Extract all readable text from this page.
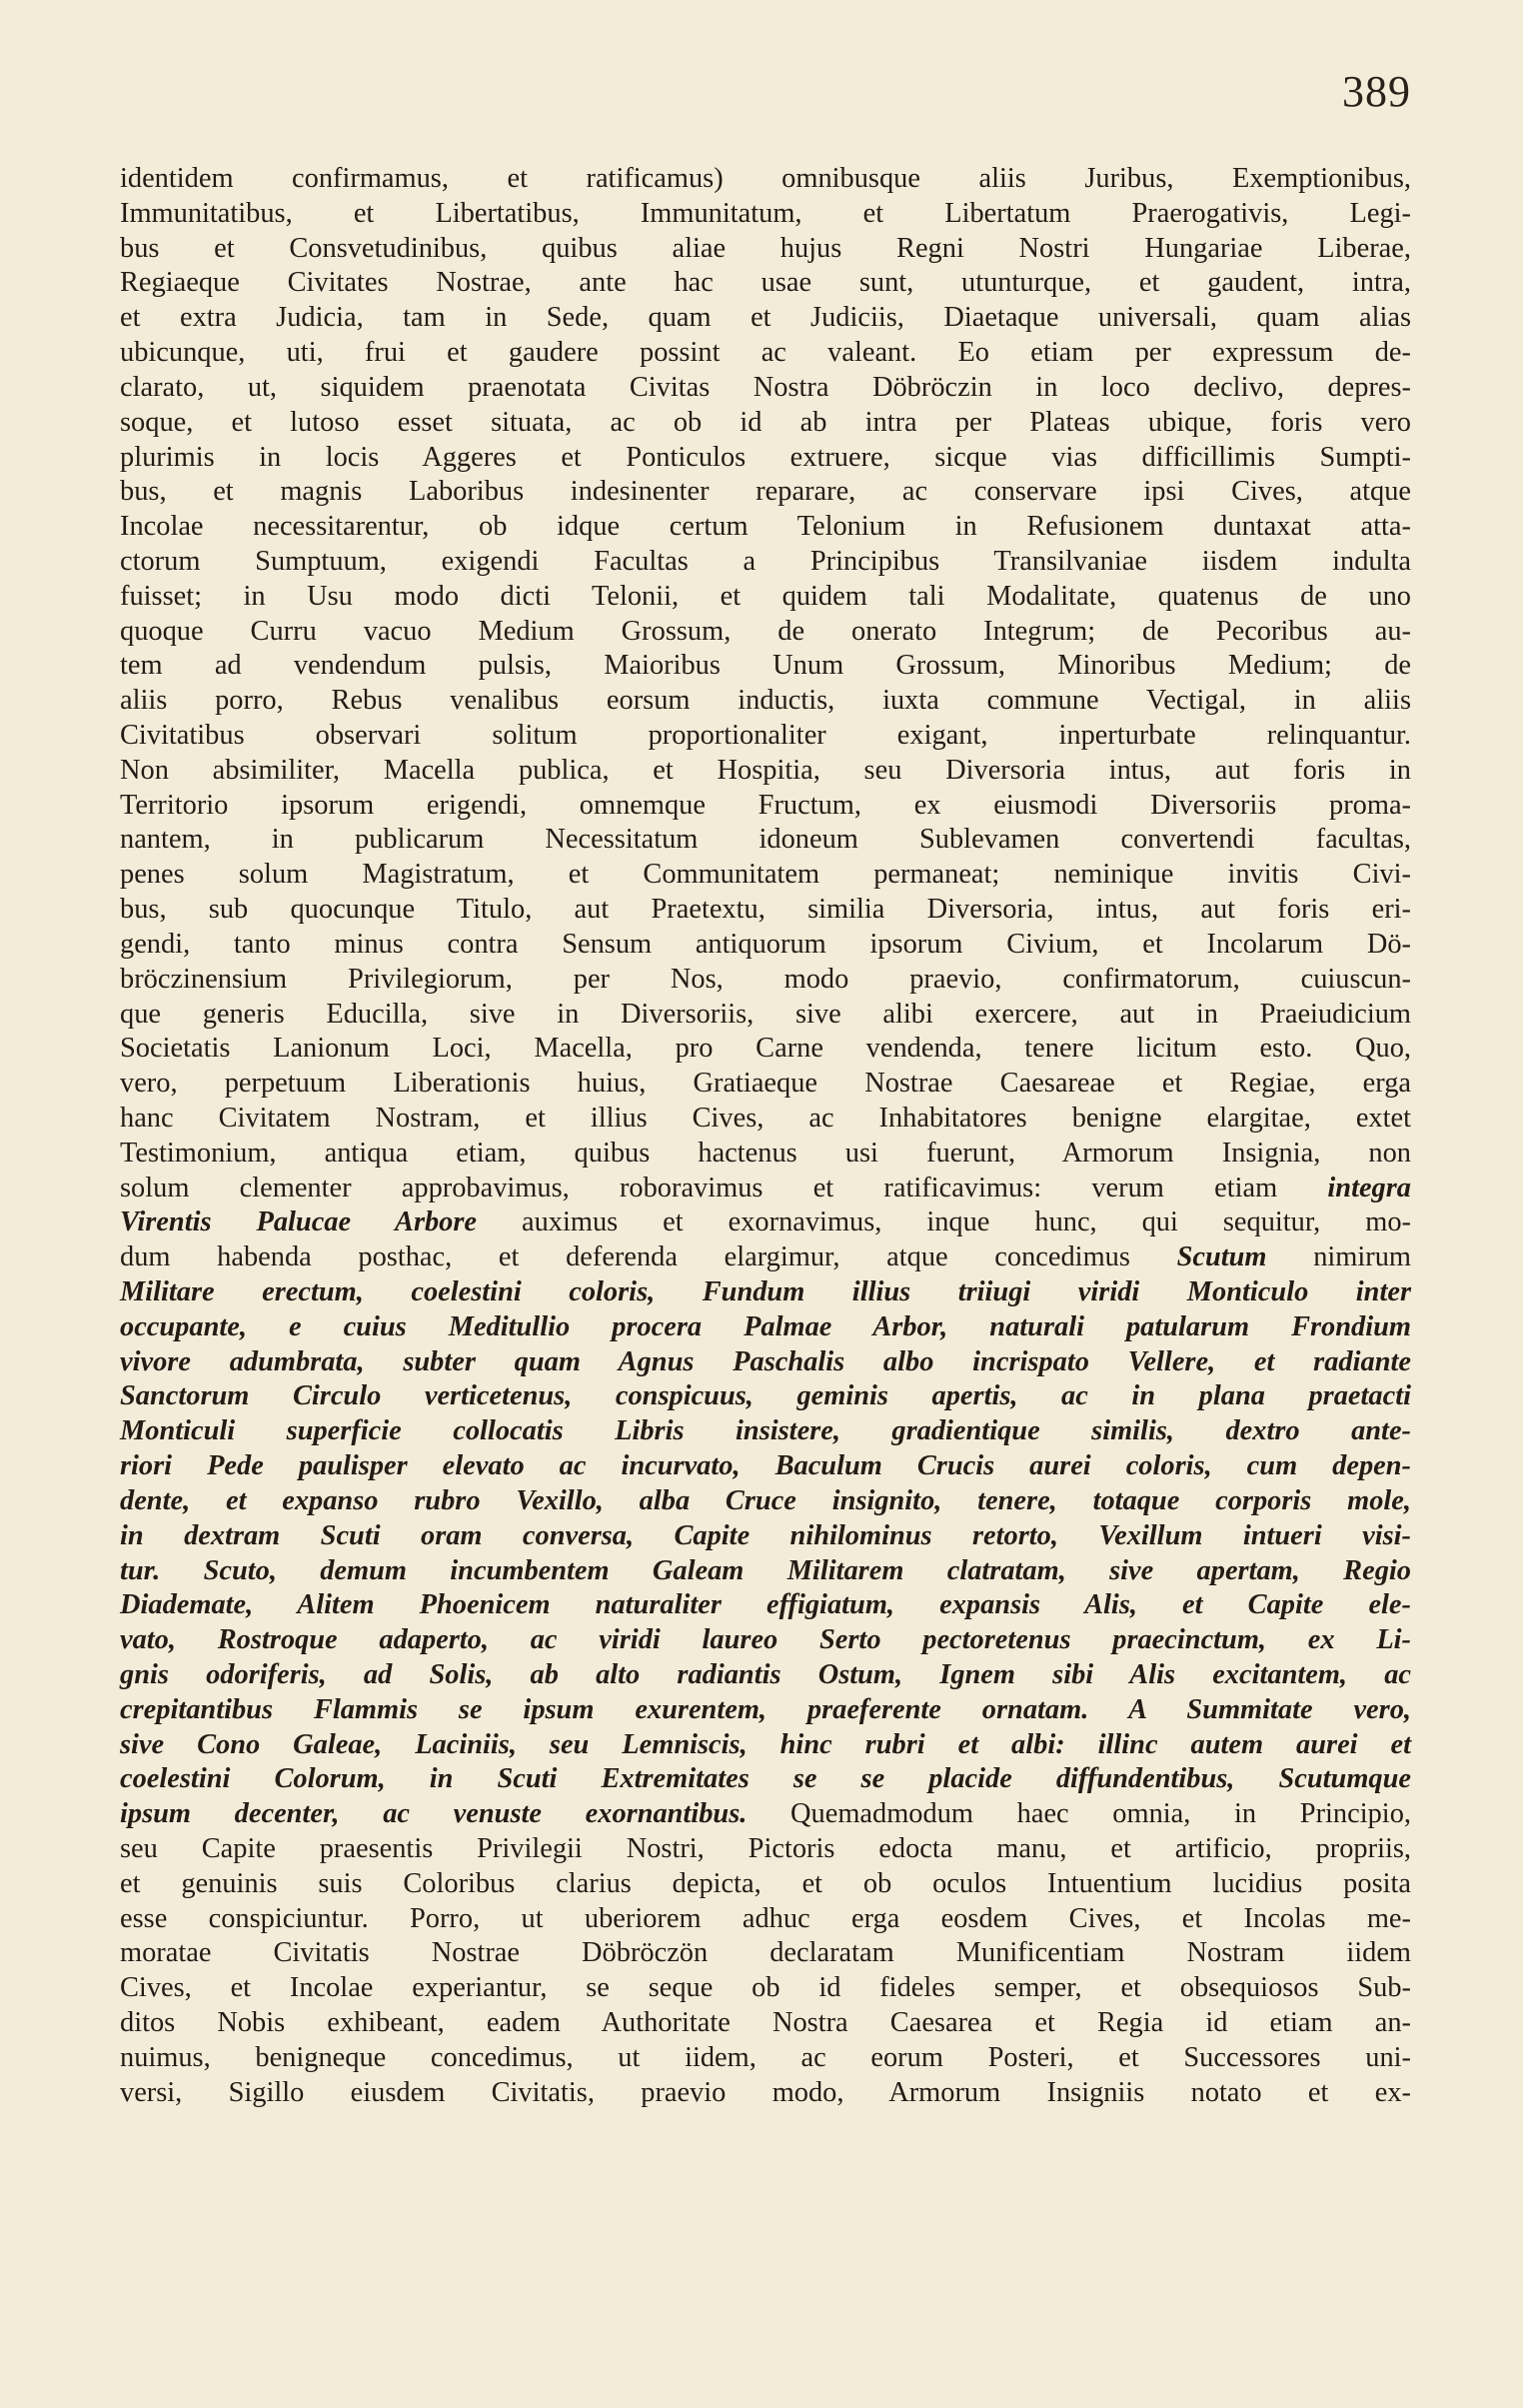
389
identidem confirmamus, et ratificamus) omnibusque aliis Juribus, Exemptionibus,
Immunitatibus, et Libertatibus, Immunitatum, et Libertatum Praerogativis, Legi-
bus et Consvetudinibus, quibus aliae hujus Regni Nostri Hungariae Liberae,
Regiaeque Civitates Nostrae, ante hac usae sunt, utunturque, et gaudent, intra,
et extra Judicia, tam in Sede, quam et Judiciis, Diaetaque universali, quam alias
ubicunque, uti, frui et gaudere possint ac valeant. Eo etiam per expressum de-
clarato, ut, siquidem praenotata Civitas Nostra Döbröczin in loco declivo, depres-
soque, et lutoso esset situata, ac ob id ab intra per Plateas ubique, foris vero
plurimis in locis Aggeres et Ponticulos extruere, sicque vias difficillimis Sumpti-
bus, et magnis Laboribus indesinenter reparare, ac conservare ipsi Cives, atque
Incolae necessitarentur, ob idque certum Telonium in Refusionem duntaxat atta-
ctorum Sumptuum, exigendi Facultas a Principibus Transilvaniae iisdem indulta
fuisset; in Usu modo dicti Telonii, et quidem tali Modalitate, quatenus de uno
quoque Curru vacuo Medium Grossum, de onerato Integrum; de Pecoribus au-
tem ad vendendum pulsis, Maioribus Unum Grossum, Minoribus Medium; de
aliis porro, Rebus venalibus eorsum inductis, iuxta commune Vectigal, in aliis
Civitatibus observari solitum proportionaliter exigant, inperturbate relinquantur.
Non absimiliter, Macella publica, et Hospitia, seu Diversoria intus, aut foris in
Territorio ipsorum erigendi, omnemque Fructum, ex eiusmodi Diversoriis proma-
nantem, in publicarum Necessitatum idoneum Sublevamen convertendi facultas,
penes solum Magistratum, et Communitatem permaneat; neminique invitis Civi-
bus, sub quocunque Titulo, aut Praetextu, similia Diversoria, intus, aut foris eri-
gendi, tanto minus contra Sensum antiquorum ipsorum Civium, et Incolarum Dö-
bröczinensium Privilegiorum, per Nos, modo praevio, confirmatorum, cuiuscun-
que generis Educilla, sive in Diversoriis, sive alibi exercere, aut in Praeiudicium
Societatis Lanionum Loci, Macella, pro Carne vendenda, tenere licitum esto. Quo,
vero, perpetuum Liberationis huius, Gratiaeque Nostrae Caesareae et Regiae, erga
hanc Civitatem Nostram, et illius Cives, ac Inhabitatores benigne elargitae, extet
Testimonium, antiqua etiam, quibus hactenus usi fuerunt, Armorum Insignia, non
solum clementer approbavimus, roboravimus et ratificavimus: verum etiam integra
Virentis Palucae Arbore auximus et exornavimus, inque hunc, qui sequitur, mo-
dum habenda posthac, et deferenda elargimur, atque concedimus Scutum nimirum
Militare erectum, coelestini coloris, Fundum illius triiugi viridi Monticulo inter
occupante, e cuius Meditullio procera Palmae Arbor, naturali patularum Frondium
vivore adumbrata, subter quam Agnus Paschalis albo incrispato Vellere, et radiante
Sanctorum Circulo verticetenus, conspicuus, geminis apertis, ac in plana praetacti
Monticuli superficie collocatis Libris insistere, gradientique similis, dextro ante-
riori Pede paulisper elevato ac incurvato, Baculum Crucis aurei coloris, cum depen-
dente, et expanso rubro Vexillo, alba Cruce insignito, tenere, totaque corporis mole,
in dextram Scuti oram conversa, Capite nihilominus retorto, Vexillum intueri visi-
tur. Scuto, demum incumbentem Galeam Militarem clatratam, sive apertam, Regio
Diademate, Alitem Phoenicem naturaliter effigiatum, expansis Alis, et Capite ele-
vato, Rostroque adaperto, ac viridi laureo Serto pectoretenus praecinctum, ex Li-
gnis odoriferis, ad Solis, ab alto radiantis Ostum, Ignem sibi Alis excitantem, ac
crepitantibus Flammis se ipsum exurentem, praeferente ornatam. A Summitate vero,
sive Cono Galeae, Laciniis, seu Lemniscis, hinc rubri et albi: illinc autem aurei et
coelestini Colorum, in Scuti Extremitates se se placide diffundentibus, Scutumque
ipsum decenter, ac venuste exornantibus. Quemadmodum haec omnia, in Principio,
seu Capite praesentis Privilegii Nostri, Pictoris edocta manu, et artificio, propriis,
et genuinis suis Coloribus clarius depicta, et ob oculos Intuentium lucidius posita
esse conspiciuntur. Porro, ut uberiorem adhuc erga eosdem Cives, et Incolas me-
moratae Civitatis Nostrae Döbröczön declaratam Munificentiam Nostram iidem
Cives, et Incolae experiantur, se seque ob id fideles semper, et obsequiosos Sub-
ditos Nobis exhibeant, eadem Authoritate Nostra Caesarea et Regia id etiam an-
nuimus, benigneque concedimus, ut iidem, ac eorum Posteri, et Successores uni-
versi, Sigillo eiusdem Civitatis, praevio modo, Armorum Insigniis notato et ex-
